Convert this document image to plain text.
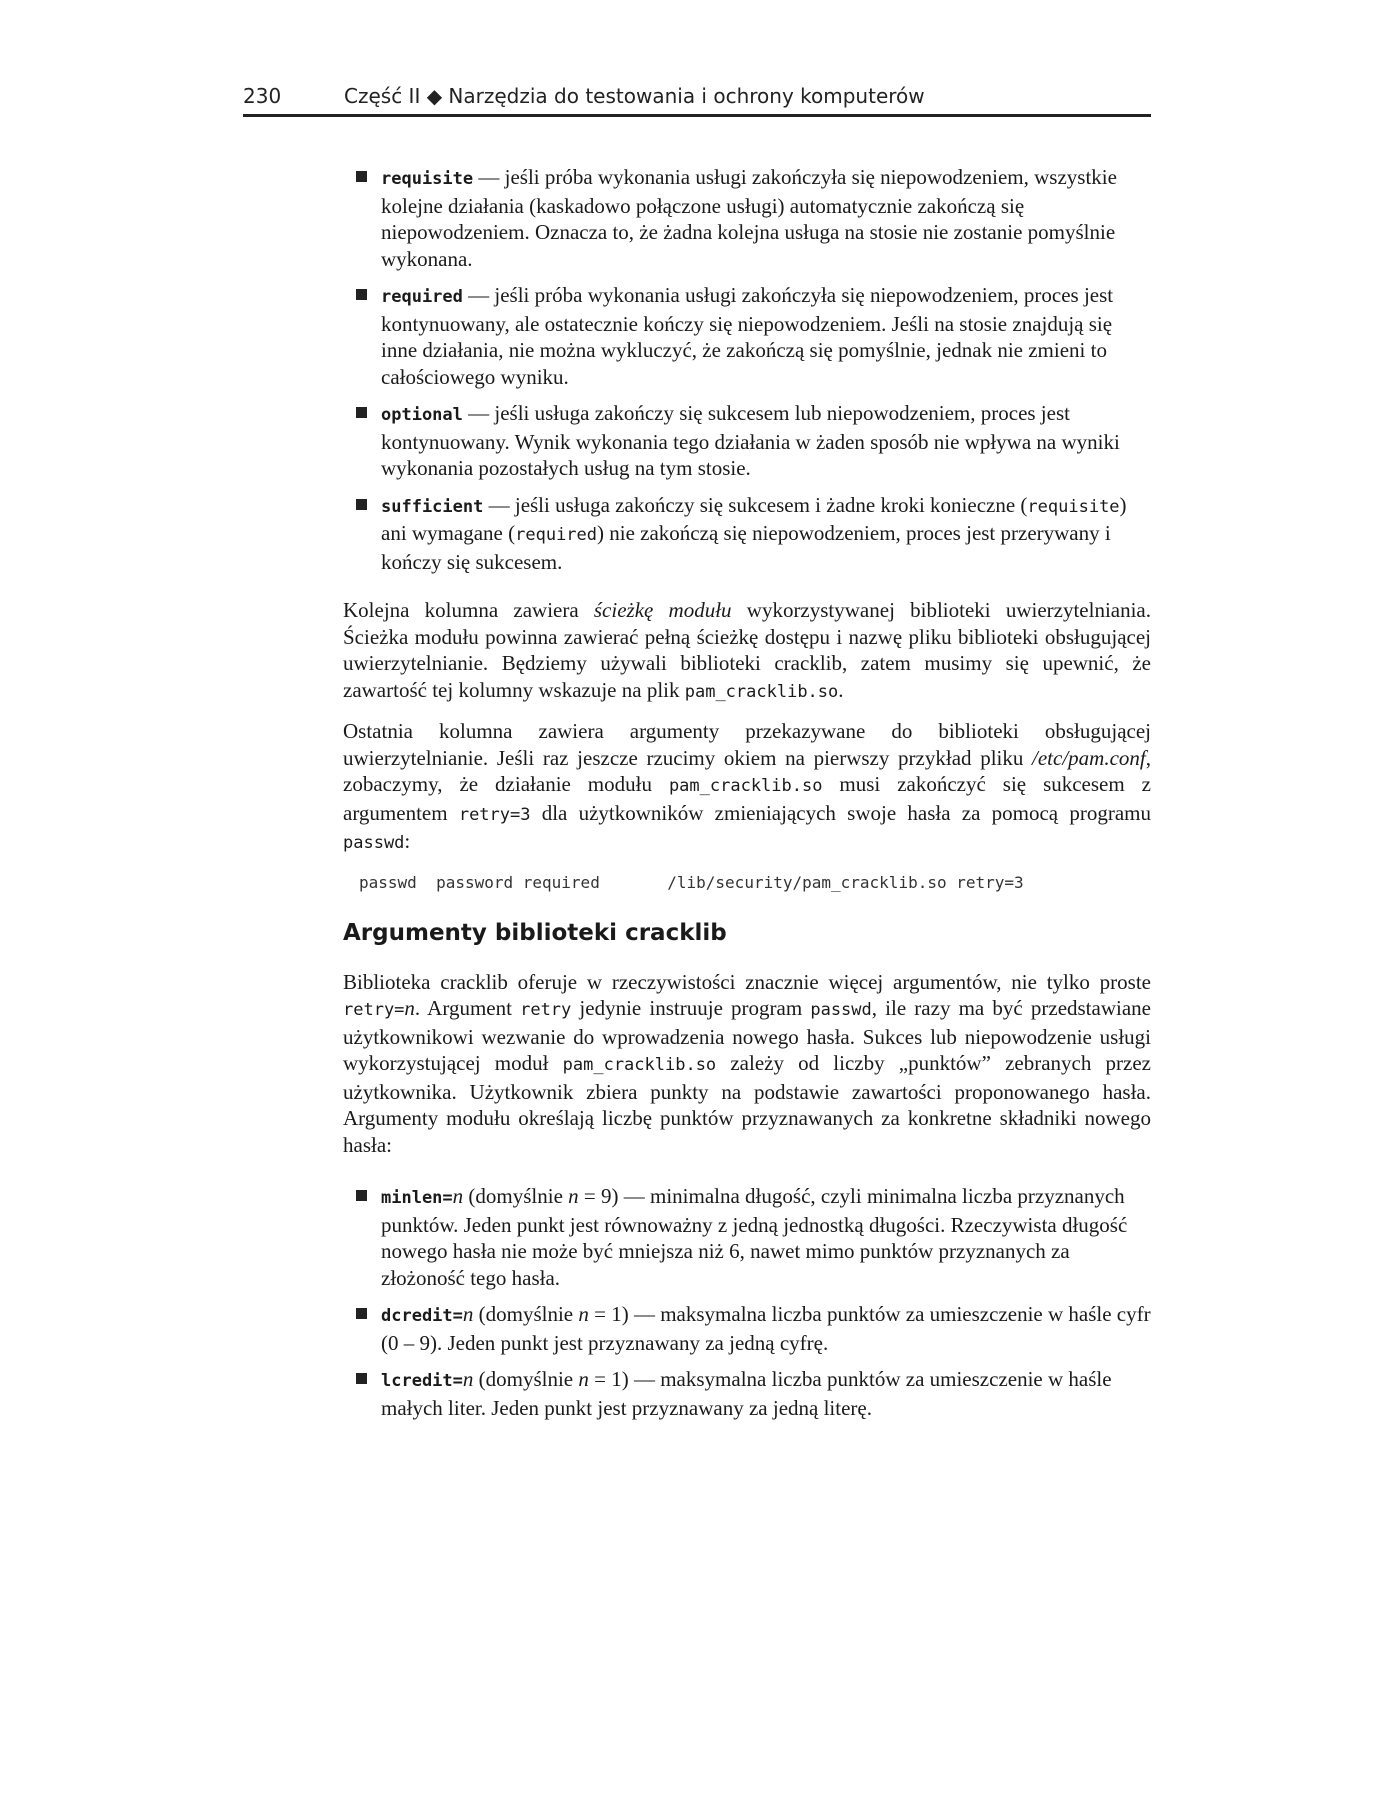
230	Część II ◆ Narzędzia do testowania i ochrony komputerów
requisite — jeśli próba wykonania usługi zakończyła się niepowodzeniem, wszystkie kolejne działania (kaskadowo połączone usługi) automatycznie zakończą się niepowodzeniem. Oznacza to, że żadna kolejna usługa na stosie nie zostanie pomyślnie wykonana.
required — jeśli próba wykonania usługi zakończyła się niepowodzeniem, proces jest kontynuowany, ale ostatecznie kończy się niepowodzeniem. Jeśli na stosie znajdują się inne działania, nie można wykluczyć, że zakończą się pomyślnie, jednak nie zmieni to całościowego wyniku.
optional — jeśli usługa zakończy się sukcesem lub niepowodzeniem, proces jest kontynuowany. Wynik wykonania tego działania w żaden sposób nie wpływa na wyniki wykonania pozostałych usług na tym stosie.
sufficient — jeśli usługa zakończy się sukcesem i żadne kroki konieczne (requisite) ani wymagane (required) nie zakończą się niepowodzeniem, proces jest przerywany i kończy się sukcesem.

Kolejna kolumna zawiera ścieżkę modułu wykorzystywanej biblioteki uwierzytelniania. Ścieżka modułu powinna zawierać pełną ścieżkę dostępu i nazwę pliku biblioteki obsługującej uwierzytelnianie. Będziemy używali biblioteki cracklib, zatem musimy się upewnić, że zawartość tej kolumny wskazuje na plik pam_cracklib.so.

Ostatnia kolumna zawiera argumenty przekazywane do biblioteki obsługującej uwierzytelnianie. Jeśli raz jeszcze rzucimy okiem na pierwszy przykład pliku /etc/pam.conf, zobaczymy, że działanie modułu pam_cracklib.so musi zakończyć się sukcesem z argumentem retry=3 dla użytkowników zmieniających swoje hasła za pomocą programu passwd:

passwd  password required       /lib/security/pam_cracklib.so retry=3
Argumenty biblioteki cracklib

Biblioteka cracklib oferuje w rzeczywistości znacznie więcej argumentów, nie tylko proste retry=n. Argument retry jedynie instruuje program passwd, ile razy ma być przedstawiane użytkownikowi wezwanie do wprowadzenia nowego hasła. Sukces lub niepowodzenie usługi wykorzystującej moduł pam_cracklib.so zależy od liczby „punktów” zebranych przez użytkownika. Użytkownik zbiera punkty na podstawie zawartości proponowanego hasła. Argumenty modułu określają liczbę punktów przyznawanych za konkretne składniki nowego hasła:

minlen=n (domyślnie n = 9) — minimalna długość, czyli minimalna liczba przyznanych punktów. Jeden punkt jest równoważny z jedną jednostką długości. Rzeczywista długość nowego hasła nie może być mniejsza niż 6, nawet mimo punktów przyznanych za złożoność tego hasła.
dcredit=n (domyślnie n = 1) — maksymalna liczba punktów za umieszczenie w haśle cyfr (0 – 9). Jeden punkt jest przyznawany za jedną cyfrę.
lcredit=n (domyślnie n = 1) — maksymalna liczba punktów za umieszczenie w haśle małych liter. Jeden punkt jest przyznawany za jedną literę.
